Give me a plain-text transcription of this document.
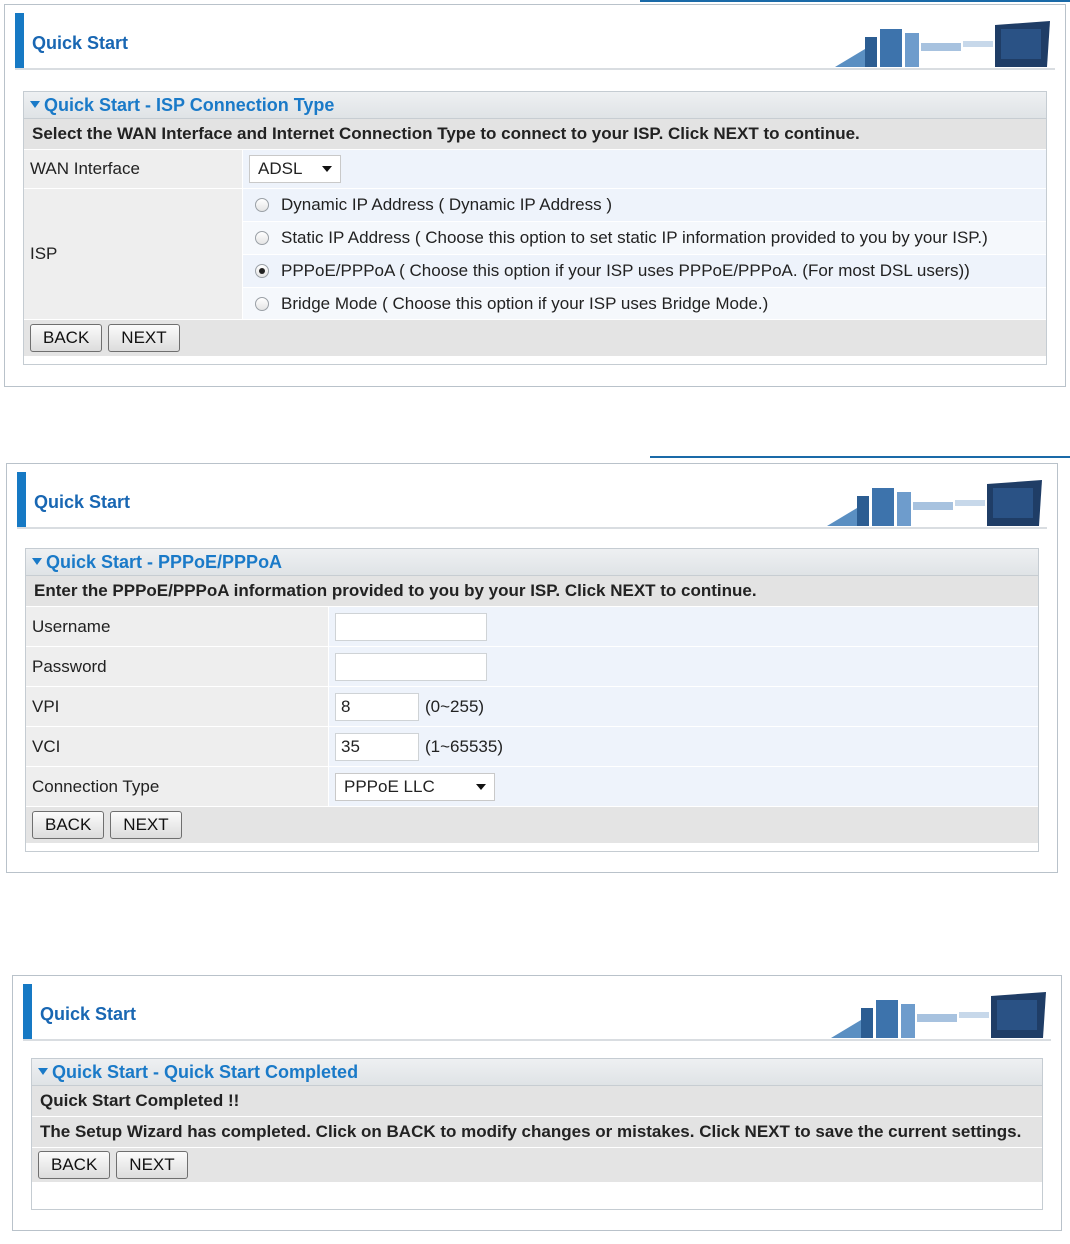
Quick Start
Quick Start - ISP Connection Type
Select the WAN Interface and Internet Connection Type to connect to your ISP. Click NEXT to continue.
WAN Interface	ADSL
ISP
Dynamic IP Address ( Dynamic IP Address )
Static IP Address ( Choose this option to set static IP information provided to you by your ISP.)
PPPoE/PPPoA ( Choose this option if your ISP uses PPPoE/PPPoA. (For most DSL users))
Bridge Mode ( Choose this option if your ISP uses Bridge Mode.)
BACK	NEXT
Quick Start
Quick Start - PPPoE/PPPoA
Enter the PPPoE/PPPoA information provided to you by your ISP. Click NEXT to continue.
Username
Password
VPI	8	(0~255)
VCI	35	(1~65535)
Connection Type	PPPoE LLC
BACK	NEXT
Quick Start
Quick Start - Quick Start Completed
Quick Start Completed !!
The Setup Wizard has completed. Click on BACK to modify changes or mistakes. Click NEXT to save the current settings.
BACK	NEXT
